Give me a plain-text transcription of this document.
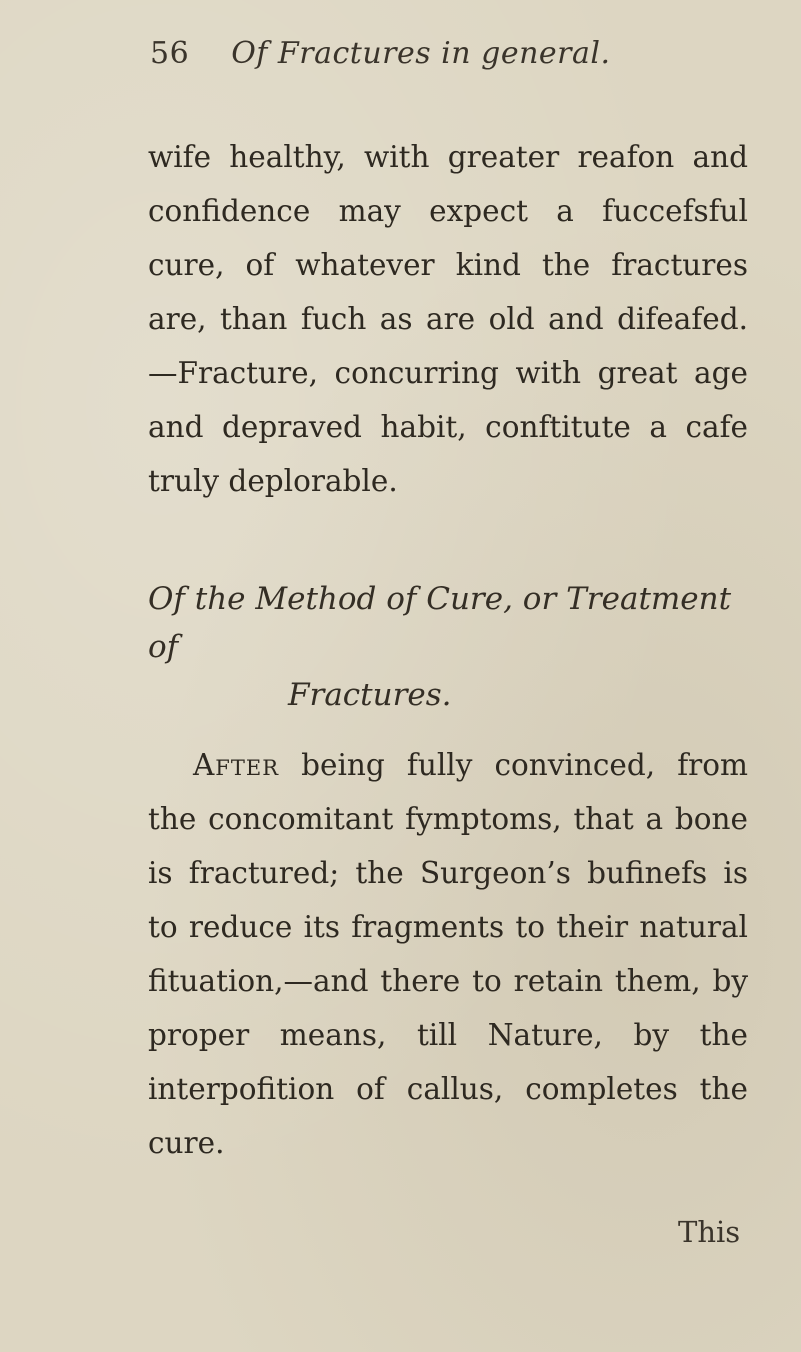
56 Of Fractures in general.

wife healthy, with greater reafon and confidence may expect a fuccefsful cure, of whatever kind the fractures are, than fuch as are old and difeafed. —Fracture, concurring with great age and depraved habit, conftitute a cafe truly deplorable.

Of the Method of Cure, or Treatment of
Fractures.

After being fully convinced, from the concomitant fymptoms, that a bone is fractured; the Surgeon’s bufinefs is to reduce its fragments to their natural fituation,—and there to retain them, by proper means, till Nature, by the interpofition of callus, completes the cure.

This
